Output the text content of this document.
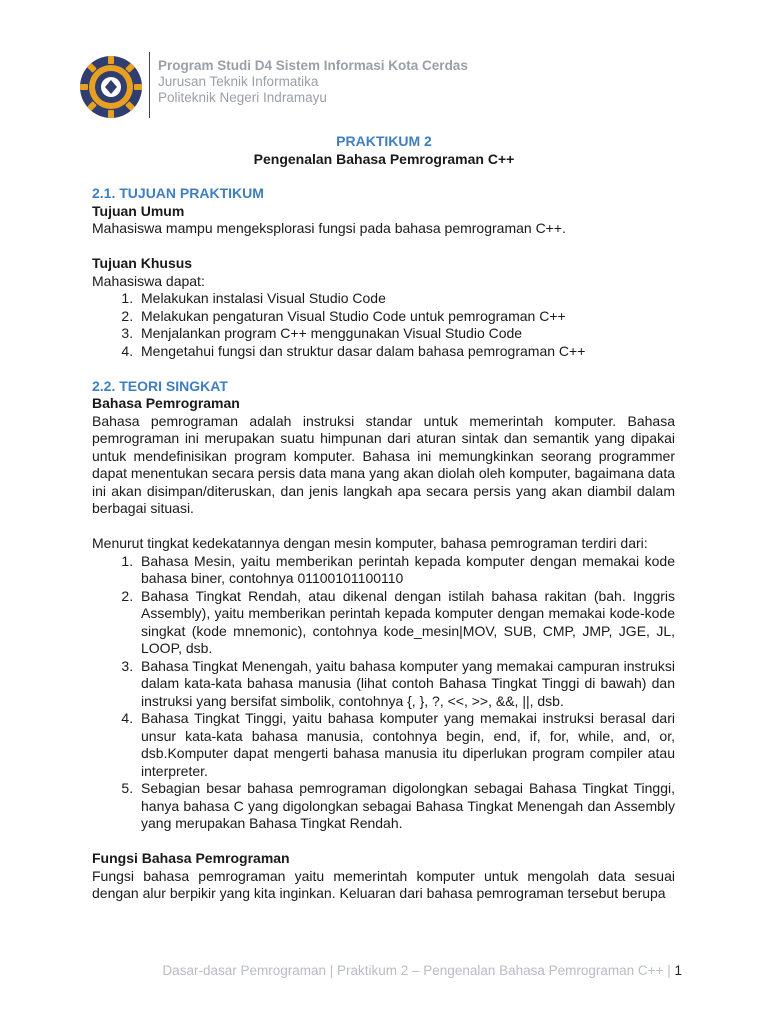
Program Studi D4 Sistem Informasi Kota Cerdas
Jurusan Teknik Informatika
Politeknik Negeri Indramayu
PRAKTIKUM 2
Pengenalan Bahasa Pemrograman C++

2.1. TUJUAN PRAKTIKUM

Tujuan Umum

Mahasiswa mampu mengeksplorasi fungsi pada bahasa pemrograman C++.

Tujuan Khusus

Mahasiswa dapat:

1. Melakukan instalasi Visual Studio Code
2. Melakukan pengaturan Visual Studio Code untuk pemrograman C++
3. Menjalankan program C++ menggunakan Visual Studio Code
4. Mengetahui fungsi dan struktur dasar dalam bahasa pemrograman C++

2.2. TEORI SINGKAT

Bahasa Pemrograman

Bahasa pemrograman adalah instruksi standar untuk memerintah komputer. Bahasa pemrograman ini merupakan suatu himpunan dari aturan sintak dan semantik yang dipakai untuk mendefinisikan program komputer. Bahasa ini memungkinkan seorang programmer dapat menentukan secara persis data mana yang akan diolah oleh komputer, bagaimana data ini akan disimpan/diteruskan, dan jenis langkah apa secara persis yang akan diambil dalam berbagai situasi.

Menurut tingkat kedekatannya dengan mesin komputer, bahasa pemrograman terdiri dari:

1. Bahasa Mesin, yaitu memberikan perintah kepada komputer dengan memakai kode bahasa biner, contohnya 01100101100110
2. Bahasa Tingkat Rendah, atau dikenal dengan istilah bahasa rakitan (bah. Inggris Assembly), yaitu memberikan perintah kepada komputer dengan memakai kode-kode singkat (kode mnemonic), contohnya kode_mesin|MOV, SUB, CMP, JMP, JGE, JL, LOOP, dsb.
3. Bahasa Tingkat Menengah, yaitu bahasa komputer yang memakai campuran instruksi dalam kata-kata bahasa manusia (lihat contoh Bahasa Tingkat Tinggi di bawah) dan instruksi yang bersifat simbolik, contohnya {, }, ?, <<, >>, &&, ||, dsb.
4. Bahasa Tingkat Tinggi, yaitu bahasa komputer yang memakai instruksi berasal dari unsur kata-kata bahasa manusia, contohnya begin, end, if, for, while, and, or, dsb.Komputer dapat mengerti bahasa manusia itu diperlukan program compiler atau interpreter.
5. Sebagian besar bahasa pemrograman digolongkan sebagai Bahasa Tingkat Tinggi, hanya bahasa C yang digolongkan sebagai Bahasa Tingkat Menengah dan Assembly yang merupakan Bahasa Tingkat Rendah.

Fungsi Bahasa Pemrograman

Fungsi bahasa pemrograman yaitu memerintah komputer untuk mengolah data sesuai dengan alur berpikir yang kita inginkan. Keluaran dari bahasa pemrograman tersebut berupa

Dasar-dasar Pemrograman | Praktikum 2 – Pengenalan Bahasa Pemrograman C++ | 1
